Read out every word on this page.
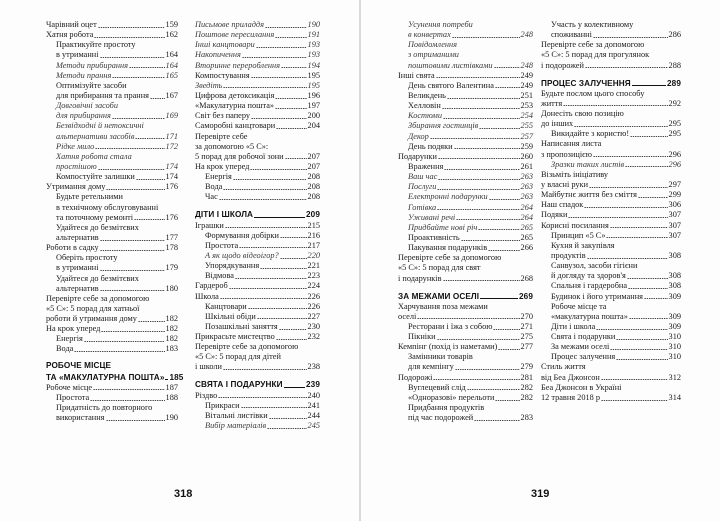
Чарівний оцет	159
Хатня робота	162
Практикуйте простоту
в утриманні	164
Методи прибирання	164
Методи прання	165
Оптимізуйте засоби
для прибирання та прання 167
Довговічні засоби
для прибирання	169
Безвідходні й нетоксичні
альтернативи засобів	171
Рідке мило	172
Хатня робота стала
простішою	174
Компостуйте залишки	174
Утримання дому	176
Будьте ретельними
в технічному обслуговуванні
та поточному ремонті	176
Удайтеся до безмітєвих
альтернатив	177
Роботи в садку	178
Оберіть простоту
в утриманні	179
Удайтеся до безмітєвих
альтернатив	180
Перевірте себе за допомогою
«5 С»: 5 порад для хатньої
роботи й утримання дому	182
На крок уперед	182
Енергія	182
Вода	183
РОБОЧЕ МІСЦЕ
ТА «МАКУЛАТУРНА ПОШТА» 185
Робоче місце	187
Простота	188
Придатність до повторного
використання	190
Письмове приладдя	190
Поштове пересилання	191
Інші канцтовари	193
Накопичення	193
Вторинне перероблення	194
Компостування	195
Зведіть	195
Цифрова детоксикація	196
«Макулатурна пошта»	197
Світ без паперу	200
Саморобні канцтовари	204
Перевірте себе
за допомогою «5 С»:
5 порад для робочої зони	207
На крок уперед	207
Енергія	208
Вода	208
Час	208
ДІТИ І ШКОЛА	209
Іграшки	215
Формування добірки	216
Простота	217
А як щодо відеоігор?	220
Упорядкування	221
Відмова	223
Гардероб	224
Школа	226
Канцтовари	226
Шкільні обіди	227
Позашкільні заняття	230
Прикрасьте мистецтво	232
Перевірте себе за допомогою
«5 С»: 5 порад для дітей
і школи	238
СВЯТА І ПОДАРУНКИ	239
Різдво	240
Прикраси	241
Вітальні листівки	244
Вибір матеріалів	245
Усунення потреби
в конвертах	248
Повідомлення
з отриманими
поштовими листівками	248
Інші свята	249
День святого Валентина	249
Великдень	251
Хелловін	253
Костюми	254
Збирання гостинців	255
Декор	257
День подяки	259
Подарунки	260
Враження	261
Ваш час	263
Послуги	263
Електронні подарунки	263
Готівка	264
Уживані речі	264
Придбайте нові річ	265
Проактивність	265
Пакування подарунків	266
Перевірте себе за допомогою
«5 С»: 5 порад для свят
і подарунків	268
ЗА МЕЖАМИ ОСЕЛІ	269
Харчування поза межами
оселі	270
Ресторани і їжа з собою	271
Пікніки	275
Кемпінг (похід із наметами)	277
Замінники товарів
для кемпінгу	279
Подорожі	281
Вуглецевий слід	282
«Одноразові» перельоти	282
Придбання продуктів
під час подорожей	283
Участь у колективному
споживанні	286
Перевірте себе за допомогою
«5 С»: 5 порад для прогулянок
і подорожей	288
ПРОЦЕС ЗАЛУЧЕННЯ	289
Будьте послом цього способу
життя	292
Донесіть свою позицію
до інших	295
Викидайте з користю!	295
Написання листа
з пропозицією	296
Зразки таких листів	296
Візьміть ініціативу
у власні руки	297
Майбутнє життя без сміття	299
Наш спадок	306
Подяки	307
Корисні посилання	307
Принцип «5 С»	307
Кухня й закупівля
продуктів	308
Санвузол, засоби гігієни
й догляду та здоров'я	308
Спальня і гардеробна	308
Будинок і його утримання	309
Робоче місце та
«макулатурна пошта»	309
Діти і школа	309
Свята і подарунки	310
За межами оселі	310
Процес залучення	310
Стиль життя
від Беа Джонсон	312
Беа Джонсон в Україні
12 травня 2018 р	314
318	319
